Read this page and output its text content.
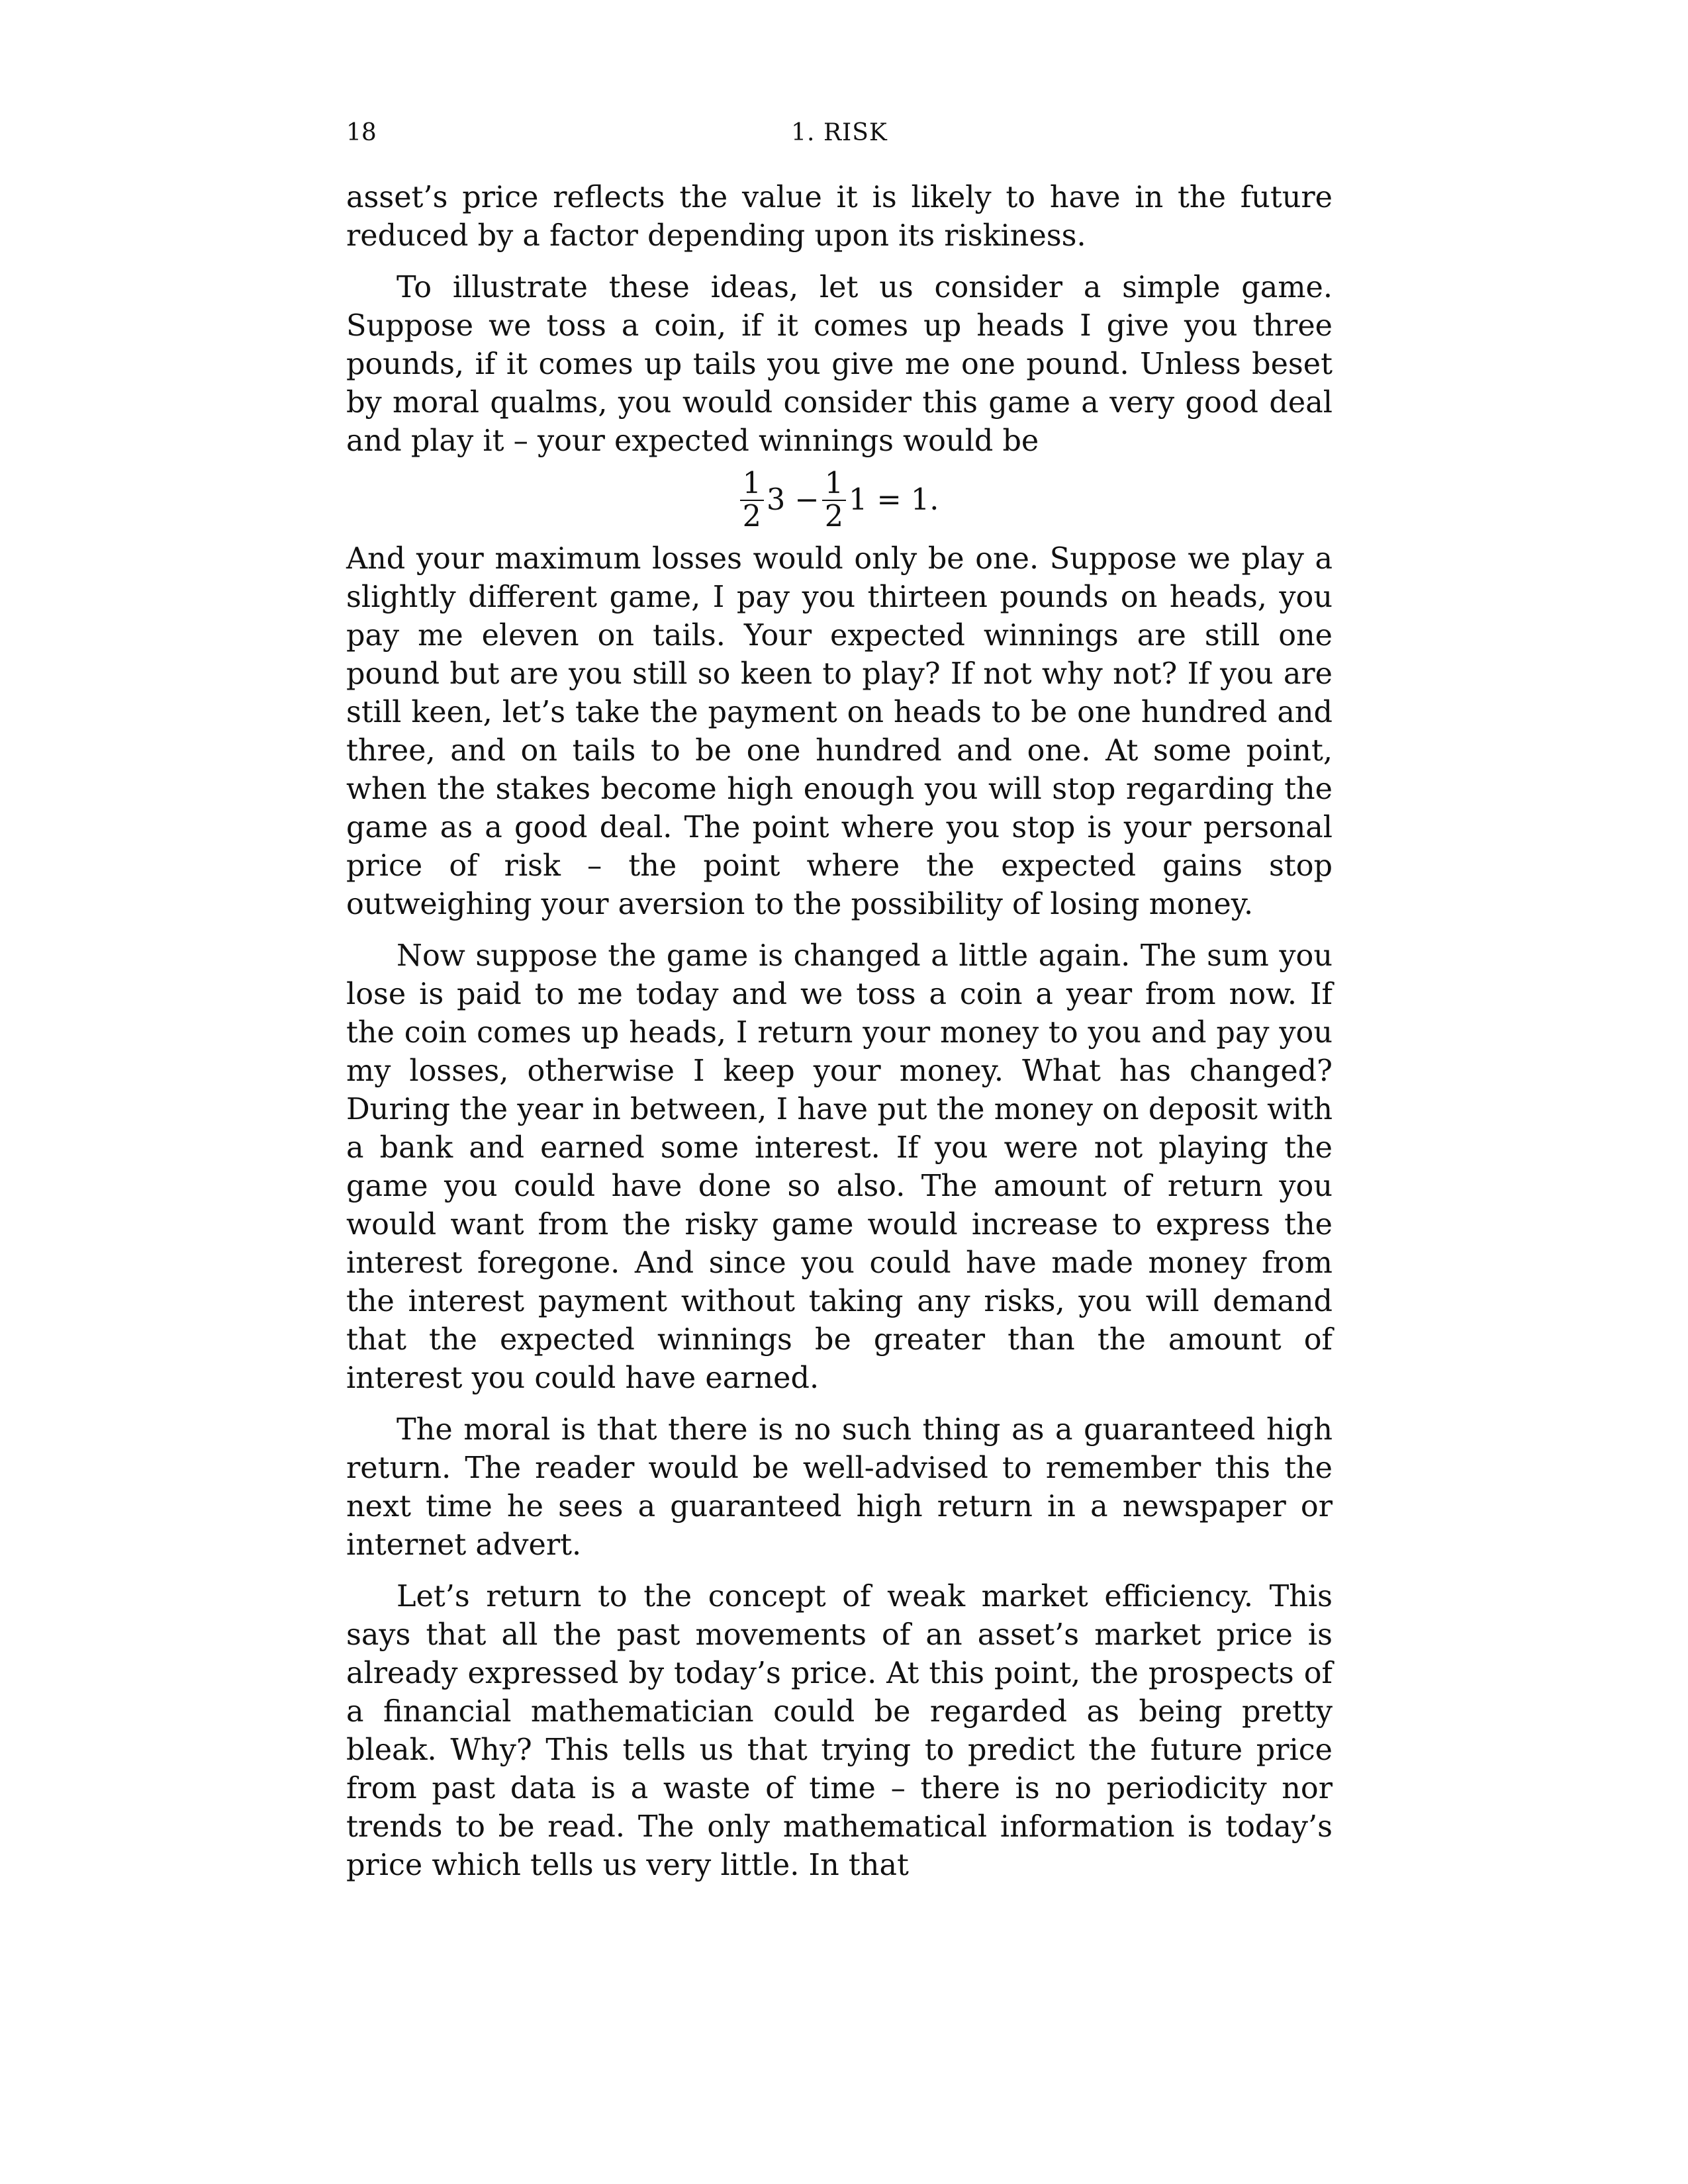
18	1. RISK

asset’s price reflects the value it is likely to have in the future reduced by a factor depending upon its riskiness.

To illustrate these ideas, let us consider a simple game. Suppose we toss a coin, if it comes up heads I give you three pounds, if it comes up tails you give me one pound. Unless beset by moral qualms, you would consider this game a very good deal and play it – your expected winnings would be

$\frac{1}{2} 3 - \frac{1}{2} 1 = 1$.

And your maximum losses would only be one. Suppose we play a slightly different game, I pay you thirteen pounds on heads, you pay me eleven on tails. Your expected winnings are still one pound but are you still so keen to play? If not why not? If you are still keen, let’s take the payment on heads to be one hundred and three, and on tails to be one hundred and one. At some point, when the stakes become high enough you will stop regarding the game as a good deal. The point where you stop is your personal price of risk – the point where the expected gains stop outweighing your aversion to the possibility of losing money.

Now suppose the game is changed a little again. The sum you lose is paid to me today and we toss a coin a year from now. If the coin comes up heads, I return your money to you and pay you my losses, otherwise I keep your money. What has changed? During the year in between, I have put the money on deposit with a bank and earned some interest. If you were not playing the game you could have done so also. The amount of return you would want from the risky game would increase to express the interest foregone. And since you could have made money from the interest payment without taking any risks, you will demand that the expected winnings be greater than the amount of interest you could have earned.

The moral is that there is no such thing as a guaranteed high return. The reader would be well-advised to remember this the next time he sees a guaranteed high return in a newspaper or internet advert.

Let’s return to the concept of weak market efficiency. This says that all the past movements of an asset’s market price is already expressed by today’s price. At this point, the prospects of a financial mathematician could be regarded as being pretty bleak. Why? This tells us that trying to predict the future price from past data is a waste of time – there is no periodicity nor trends to be read. The only mathematical information is today’s price which tells us very little. In that
